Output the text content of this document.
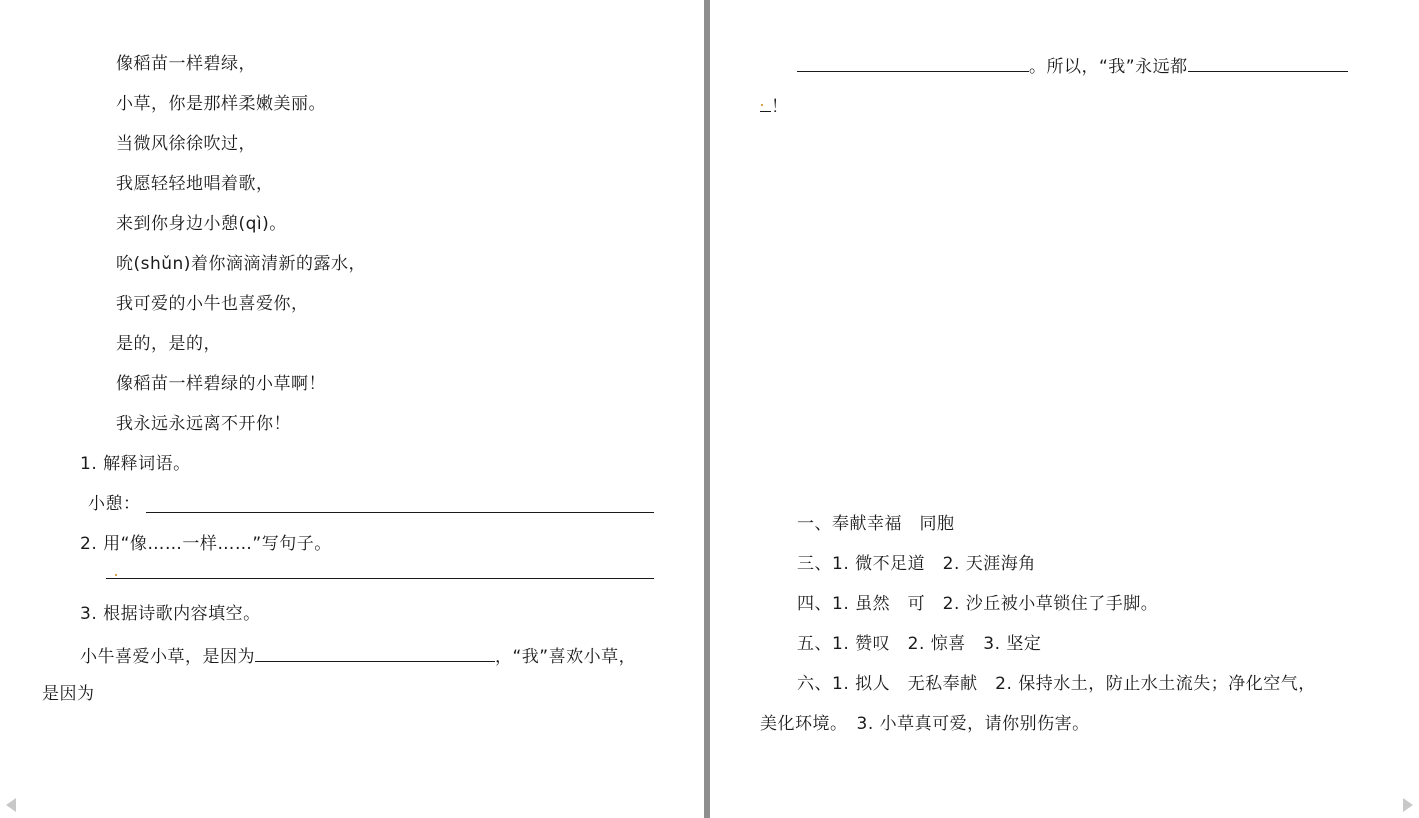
像稻苗一样碧绿，
小草，你是那样柔嫩美丽。
当微风徐徐吹过，
我愿轻轻地唱着歌，
来到你身边小憩(qì)。
吮(shǔn)着你滴滴清新的露水，
我可爱的小牛也喜爱你，
是的，是的，
像稻苗一样碧绿的小草啊！
我永远永远离不开你！
1. 解释词语。
小憩：
2. 用“像……一样……”写句子。
3. 根据诗歌内容填空。
小牛喜爱小草，是因为	，“我”喜欢小草，
是因为
。所以，“我”永远都
！
一、奉献幸福　同胞
三、1. 微不足道　2. 天涯海角
四、1. 虽然　可　2. 沙丘被小草锁住了手脚。
五、1. 赞叹　2. 惊喜　3. 坚定
六、1. 拟人　无私奉献　2. 保持水土，防止水土流失；净化空气，
美化环境。　3. 小草真可爱，请你别伤害。
